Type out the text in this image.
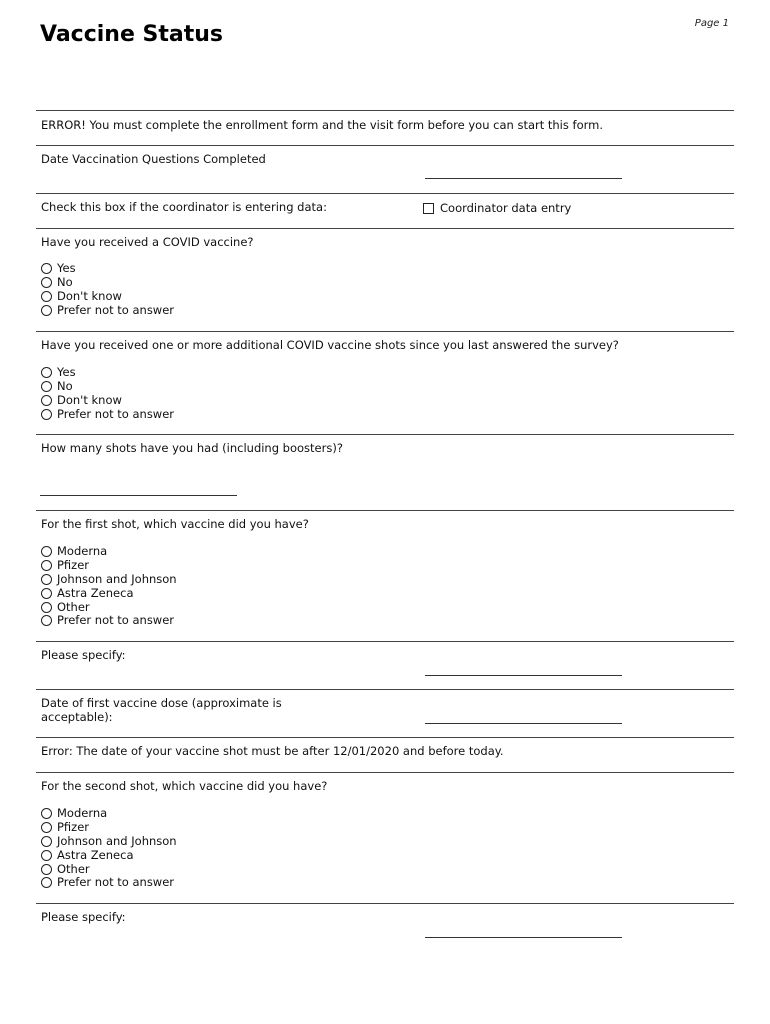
Page 1
Vaccine Status
ERROR! You must complete the enrollment form and the visit form before you can start this form.
Date Vaccination Questions Completed
Check this box if the coordinator is entering data:	Coordinator data entry
Have you received a COVID vaccine?
Yes
No
Don't know
Prefer not to answer
Have you received one or more additional COVID vaccine shots since you last answered the survey?
Yes
No
Don't know
Prefer not to answer
How many shots have you had (including boosters)?
For the first shot, which vaccine did you have?
Moderna
Pfizer
Johnson and Johnson
Astra Zeneca
Other
Prefer not to answer
Please specify:
Date of first vaccine dose (approximate is
acceptable):
Error: The date of your vaccine shot must be after 12/01/2020 and before today.
For the second shot, which vaccine did you have?
Moderna
Pfizer
Johnson and Johnson
Astra Zeneca
Other
Prefer not to answer
Please specify:
